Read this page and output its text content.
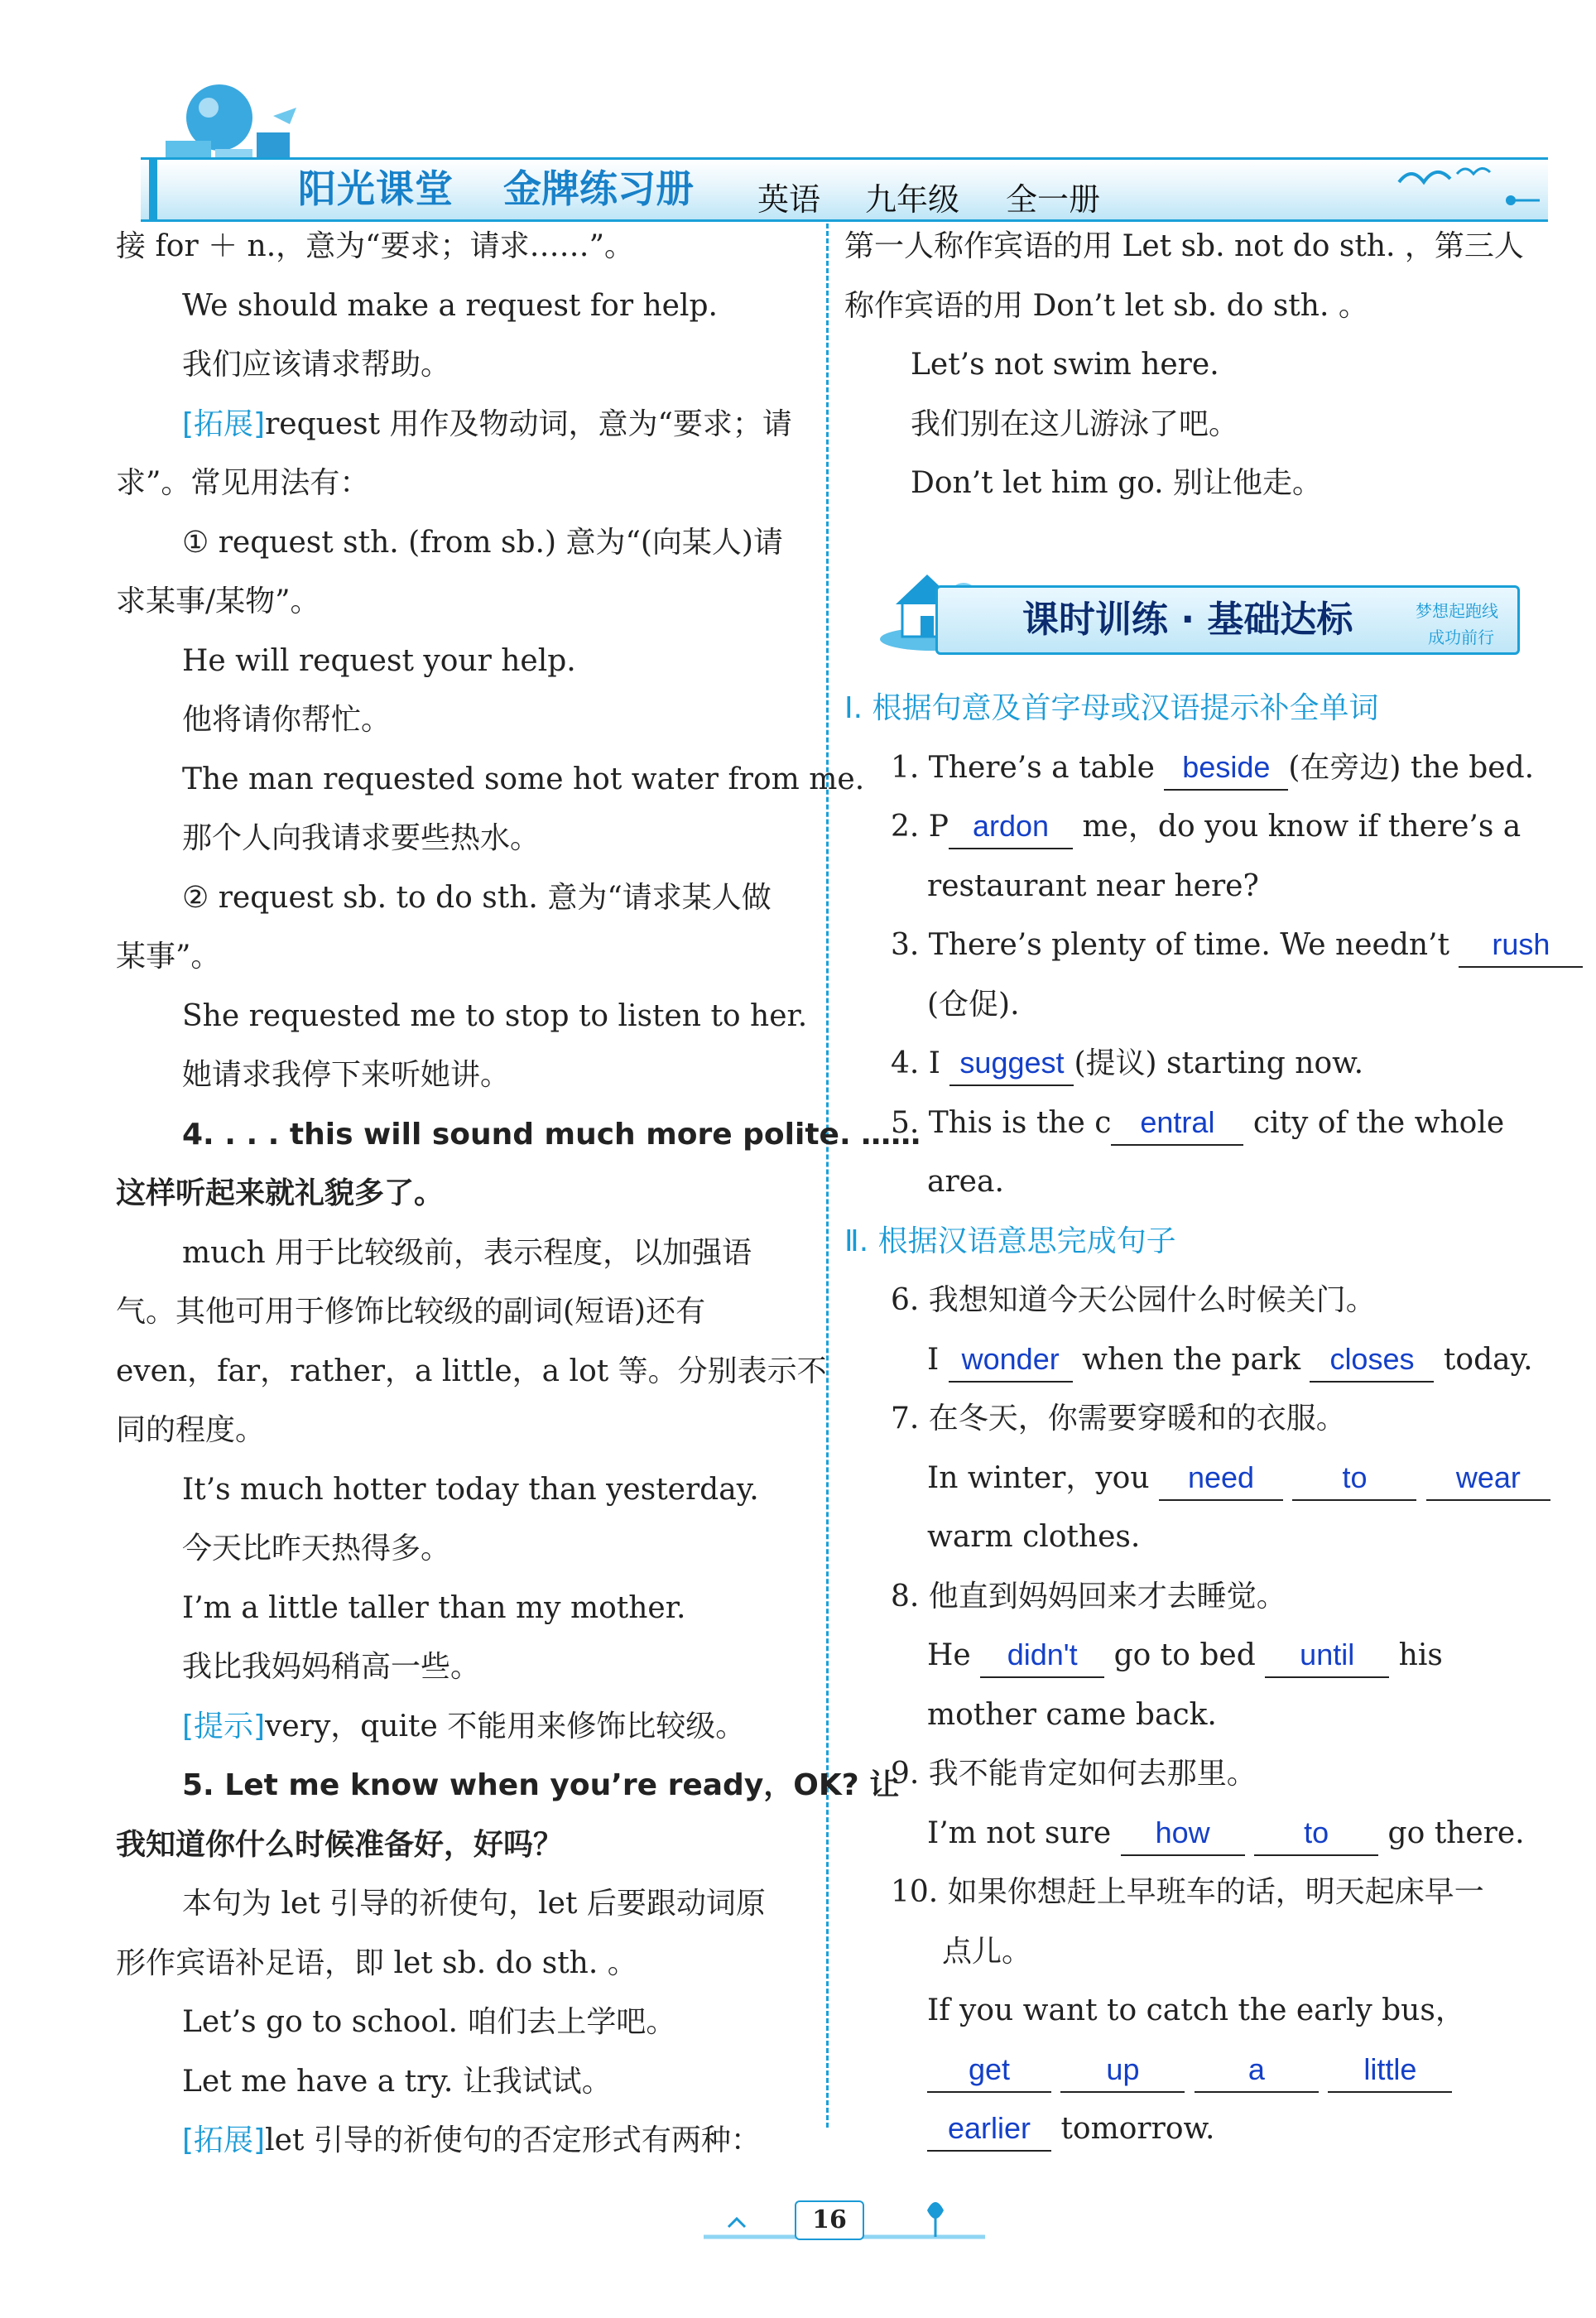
阳光课堂 金牌练习册 英语 九年级 全一册
接 for ＋ n.，意为“要求；请求……”。
We should make a request for help.
我们应该请求帮助。
[拓展]request 用作及物动词，意为“要求；请
求”。常见用法有：
① request sth. (from sb.) 意为“(向某人)请
求某事/某物”。
He will request your help.
他将请你帮忙。
The man requested some hot water from me.
那个人向我请求要些热水。
② request sb. to do sth. 意为“请求某人做
某事”。
She requested me to stop to listen to her.
她请求我停下来听她讲。
4. . . . this will sound much more polite. ……
这样听起来就礼貌多了。
much 用于比较级前，表示程度，以加强语
气。其他可用于修饰比较级的副词(短语)还有
even，far，rather，a little，a lot 等。分别表示不
同的程度。
It’s much hotter today than yesterday.
今天比昨天热得多。
I’m a little taller than my mother.
我比我妈妈稍高一些。
[提示]very，quite 不能用来修饰比较级。
5. Let me know when you’re ready，OK? 让
我知道你什么时候准备好，好吗？
本句为 let 引导的祈使句，let 后要跟动词原
形作宾语补足语，即 let sb. do sth. 。
Let’s go to school. 咱们去上学吧。
Let me have a try. 让我试试。
[拓展]let 引导的祈使句的否定形式有两种：
第一人称作宾语的用 Let sb. not do sth. ，第三人
称作宾语的用 Don’t let sb. do sth. 。
Let’s not swim here.
我们别在这儿游泳了吧。
Don’t let him go. 别让他走。
课时训练 · 基础达标	梦想起跑线
成功前行
Ⅰ. 根据句意及首字母或汉语提示补全单词
1. There’s a table beside (在旁边) the bed.
2. P ardon me，do you know if there’s a
restaurant near here?
3. There’s plenty of time. We needn’t rush
(仓促).
4. I suggest (提议) starting now.
5. This is the c entral city of the whole
area.
Ⅱ. 根据汉语意思完成句子
6. 我想知道今天公园什么时候关门。
I wonder when the park closes today.
7. 在冬天，你需要穿暖和的衣服。
In winter，you need	to	wear
warm clothes.
8. 他直到妈妈回来才去睡觉。
He didn't go to bed until his
mother came back.
9. 我不能肯定如何去那里。
I’m not sure how	to go there.
10. 如果你想赶上早班车的话，明天起床早一
点儿。
If you want to catch the early bus，
get	up	a	little
earlier tomorrow.
16
